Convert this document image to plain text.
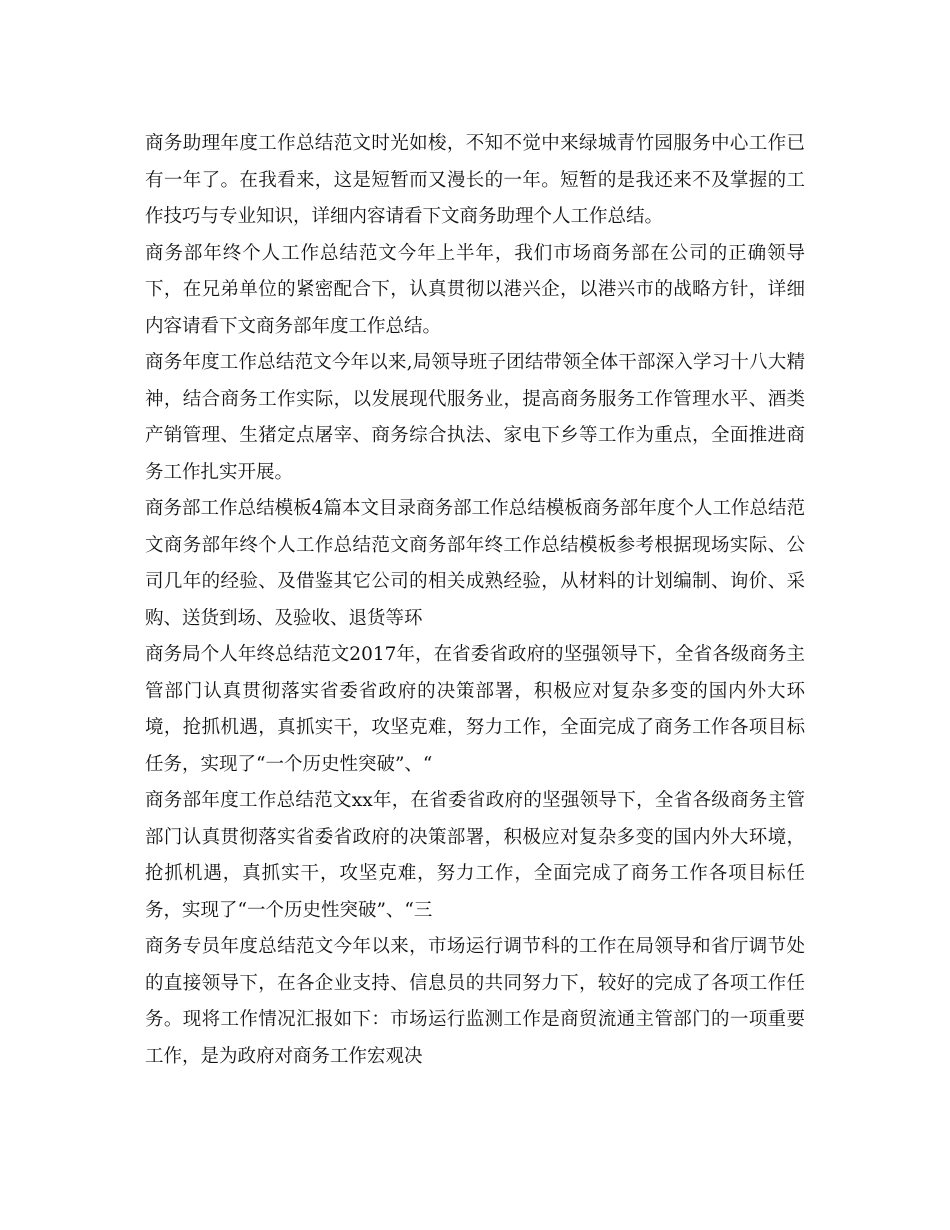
商务助理年度工作总结范文时光如梭，不知不觉中来绿城青竹园服务中心工作已有一年了。在我看来，这是短暂而又漫长的一年。短暂的是我还来不及掌握的工作技巧与专业知识，详细内容请看下文商务助理个人工作总结。

商务部年终个人工作总结范文今年上半年，我们市场商务部在公司的正确领导下，在兄弟单位的紧密配合下，认真贯彻以港兴企，以港兴市的战略方针，详细内容请看下文商务部年度工作总结。

商务年度工作总结范文今年以来,局领导班子团结带领全体干部深入学习十八大精神，结合商务工作实际，以发展现代服务业，提高商务服务工作管理水平、酒类产销管理、生猪定点屠宰、商务综合执法、家电下乡等工作为重点，全面推进商务工作扎实开展。

商务部工作总结模板4篇本文目录商务部工作总结模板商务部年度个人工作总结范文商务部年终个人工作总结范文商务部年终工作总结模板参考根据现场实际、公司几年的经验、及借鉴其它公司的相关成熟经验，从材料的计划编制、询价、采购、送货到场、及验收、退货等环

商务局个人年终总结范文2017年，在省委省政府的坚强领导下，全省各级商务主管部门认真贯彻落实省委省政府的决策部署，积极应对复杂多变的国内外大环境，抢抓机遇，真抓实干，攻坚克难，努力工作，全面完成了商务工作各项目标任务，实现了“一个历史性突破”、“

商务部年度工作总结范文xx年，在省委省政府的坚强领导下，全省各级商务主管部门认真贯彻落实省委省政府的决策部署，积极应对复杂多变的国内外大环境，抢抓机遇，真抓实干，攻坚克难，努力工作，全面完成了商务工作各项目标任务，实现了“一个历史性突破”、“三

商务专员年度总结范文今年以来，市场运行调节科的工作在局领导和省厅调节处的直接领导下，在各企业支持、信息员的共同努力下，较好的完成了各项工作任务。现将工作情况汇报如下：市场运行监测工作是商贸流通主管部门的一项重要工作，是为政府对商务工作宏观决
